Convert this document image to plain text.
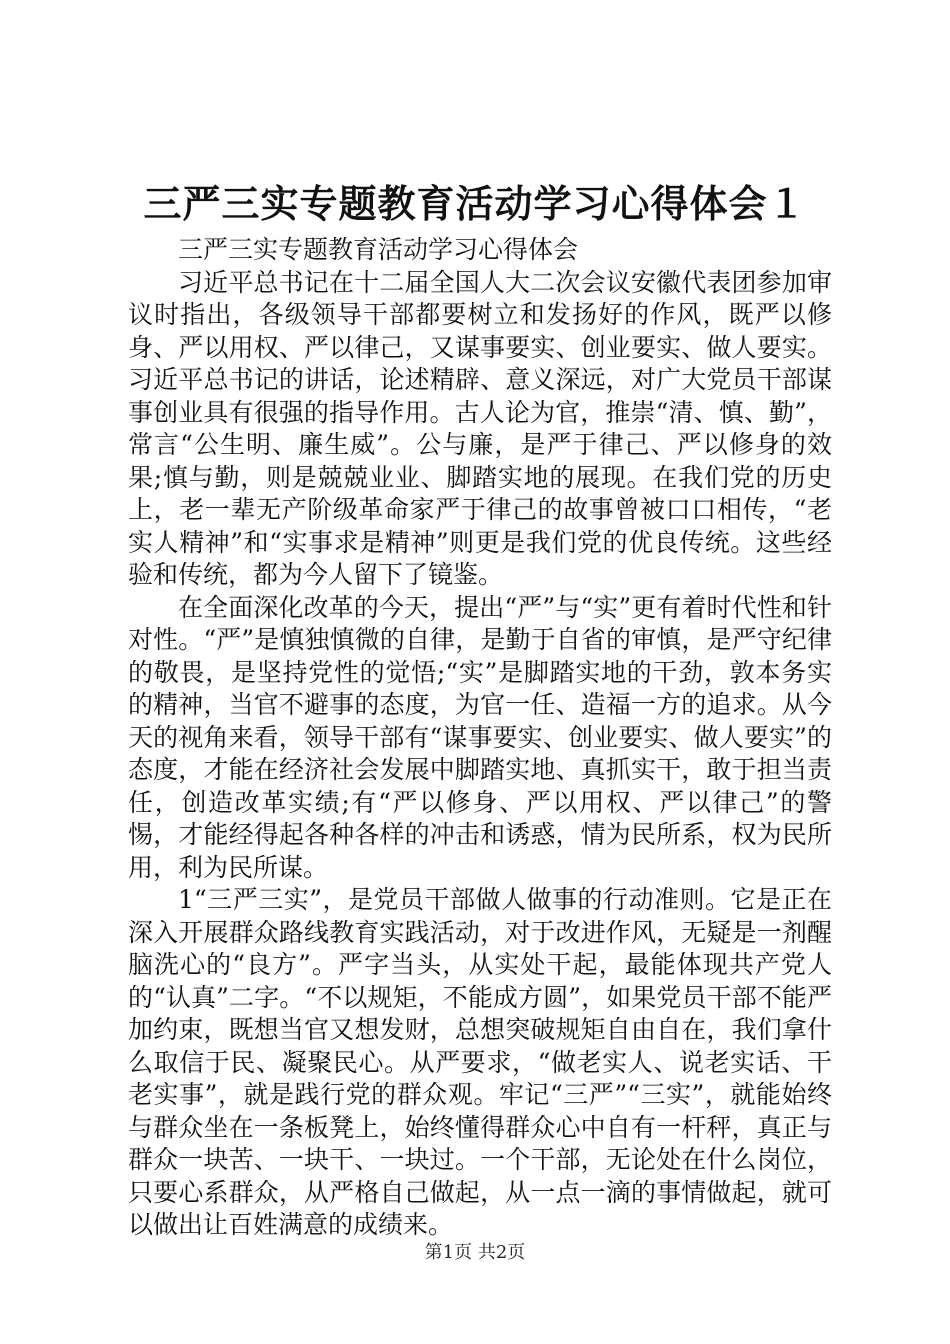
三严三实专题教育活动学习心得体会１

三严三实专题教育活动学习心得体会

习近平总书记在十二届全国人大二次会议安徽代表团参加审议时指出，各级领导干部都要树立和发扬好的作风，既严以修身、严以用权、严以律己，又谋事要实、创业要实、做人要实。习近平总书记的讲话，论述精辟、意义深远，对广大党员干部谋事创业具有很强的指导作用。古人论为官，推崇“清、慎、勤”，常言“公生明、廉生威”。公与廉，是严于律己、严以修身的效果;慎与勤，则是兢兢业业、脚踏实地的展现。在我们党的历史上，老一辈无产阶级革命家严于律己的故事曾被口口相传，“老实人精神”和“实事求是精神”则更是我们党的优良传统。这些经验和传统，都为今人留下了镜鉴。

在全面深化改革的今天，提出“严”与“实”更有着时代性和针对性。“严”是慎独慎微的自律，是勤于自省的审慎，是严守纪律的敬畏，是坚持党性的觉悟;“实”是脚踏实地的干劲，敦本务实的精神，当官不避事的态度，为官一任、造福一方的追求。从今天的视角来看，领导干部有“谋事要实、创业要实、做人要实”的态度，才能在经济社会发展中脚踏实地、真抓实干，敢于担当责任，创造改革实绩;有“严以修身、严以用权、严以律己”的警惕，才能经得起各种各样的冲击和诱惑，情为民所系，权为民所用，利为民所谋。

1“三严三实”，是党员干部做人做事的行动准则。它是正在深入开展群众路线教育实践活动，对于改进作风，无疑是一剂醒脑洗心的“良方”。严字当头，从实处干起，最能体现共产党人的“认真”二字。“不以规矩，不能成方圆”，如果党员干部不能严加约束，既想当官又想发财，总想突破规矩自由自在，我们拿什么取信于民、凝聚民心。从严要求，“做老实人、说老实话、干老实事”，就是践行党的群众观。牢记“三严”“三实”，就能始终与群众坐在一条板凳上，始终懂得群众心中自有一杆秤，真正与群众一块苦、一块干、一块过。一个干部，无论处在什么岗位，只要心系群众，从严格自己做起，从一点一滴的事情做起，就可以做出让百姓满意的成绩来。

第1页 共2页
